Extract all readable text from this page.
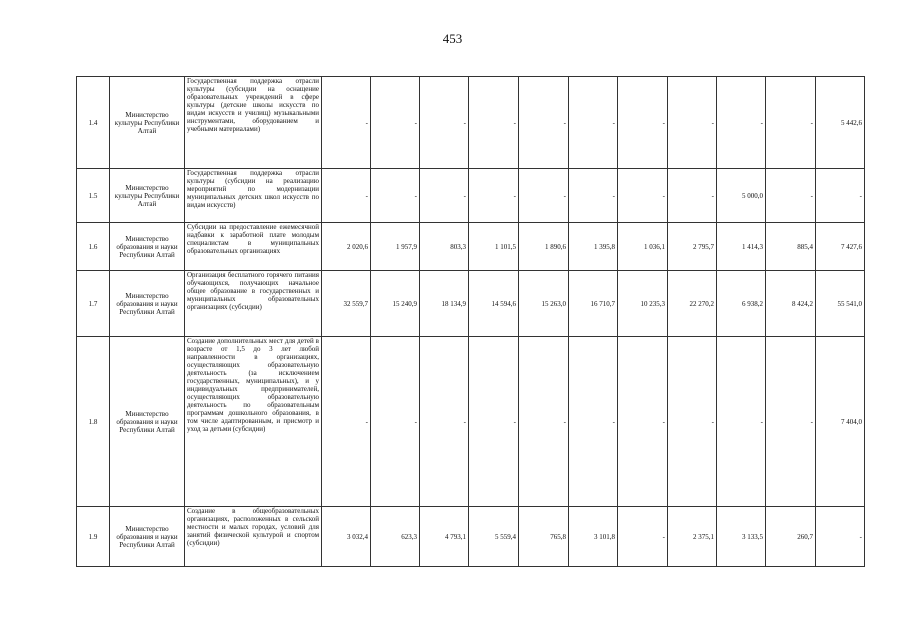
453
1.4	Министерство культуры Республики Алтай	Государственная поддержка отрасли культуры (субсидии на оснащение образовательных учреждений в сфере культуры (детские школы искусств по видам искусств и училищ) музыкальными инструментами, оборудованием и учебными материалами)	-	-	-	-	-	-	-	-	-	-	5 442,6
1.5	Министерство культуры Республики Алтай	Государственная поддержка отрасли культуры (субсидии на реализацию мероприятий по модернизации муниципальных детских школ искусств по видам искусств)	-	-	-	-	-	-	-	-	5 000,0	-	-
1.6	Министерство образования и науки Республики Алтай	Субсидии на предоставление ежемесячной надбавки к заработной плате молодым специалистам в муниципальных образовательных организациях	2 020,6	1 957,9	803,3	1 101,5	1 890,6	1 395,8	1 036,1	2 795,7	1 414,3	885,4	7 427,6
1.7	Министерство образования и науки Республики Алтай	Организация бесплатного горячего питания обучающихся, получающих начальное общее образование в государственных и муниципальных образовательных организациях (субсидии)	32 559,7	15 240,9	18 134,9	14 594,6	15 263,0	16 710,7	10 235,3	22 270,2	6 938,2	8 424,2	55 541,0
1.8	Министерство образования и науки Республики Алтай	Создание дополнительных мест для детей в возрасте от 1,5 до 3 лет любой направленности в организациях, осуществляющих образовательную деятельность (за исключением государственных, муниципальных), и у индивидуальных предпринимателей, осуществляющих образовательную деятельность по образовательным программам дошкольного образования, в том числе адаптированным, и присмотр и уход за детьми (субсидии)	-	-	-	-	-	-	-	-	-	-	7 404,0
1.9	Министерство образования и науки Республики Алтай	Создание в общеобразовательных организациях, расположенных в сельской местности и малых городах, условий для занятий физической культурой и спортом (субсидии)	3 032,4	623,3	4 793,1	5 559,4	765,8	3 101,8	-	2 375,1	3 133,5	260,7	-
